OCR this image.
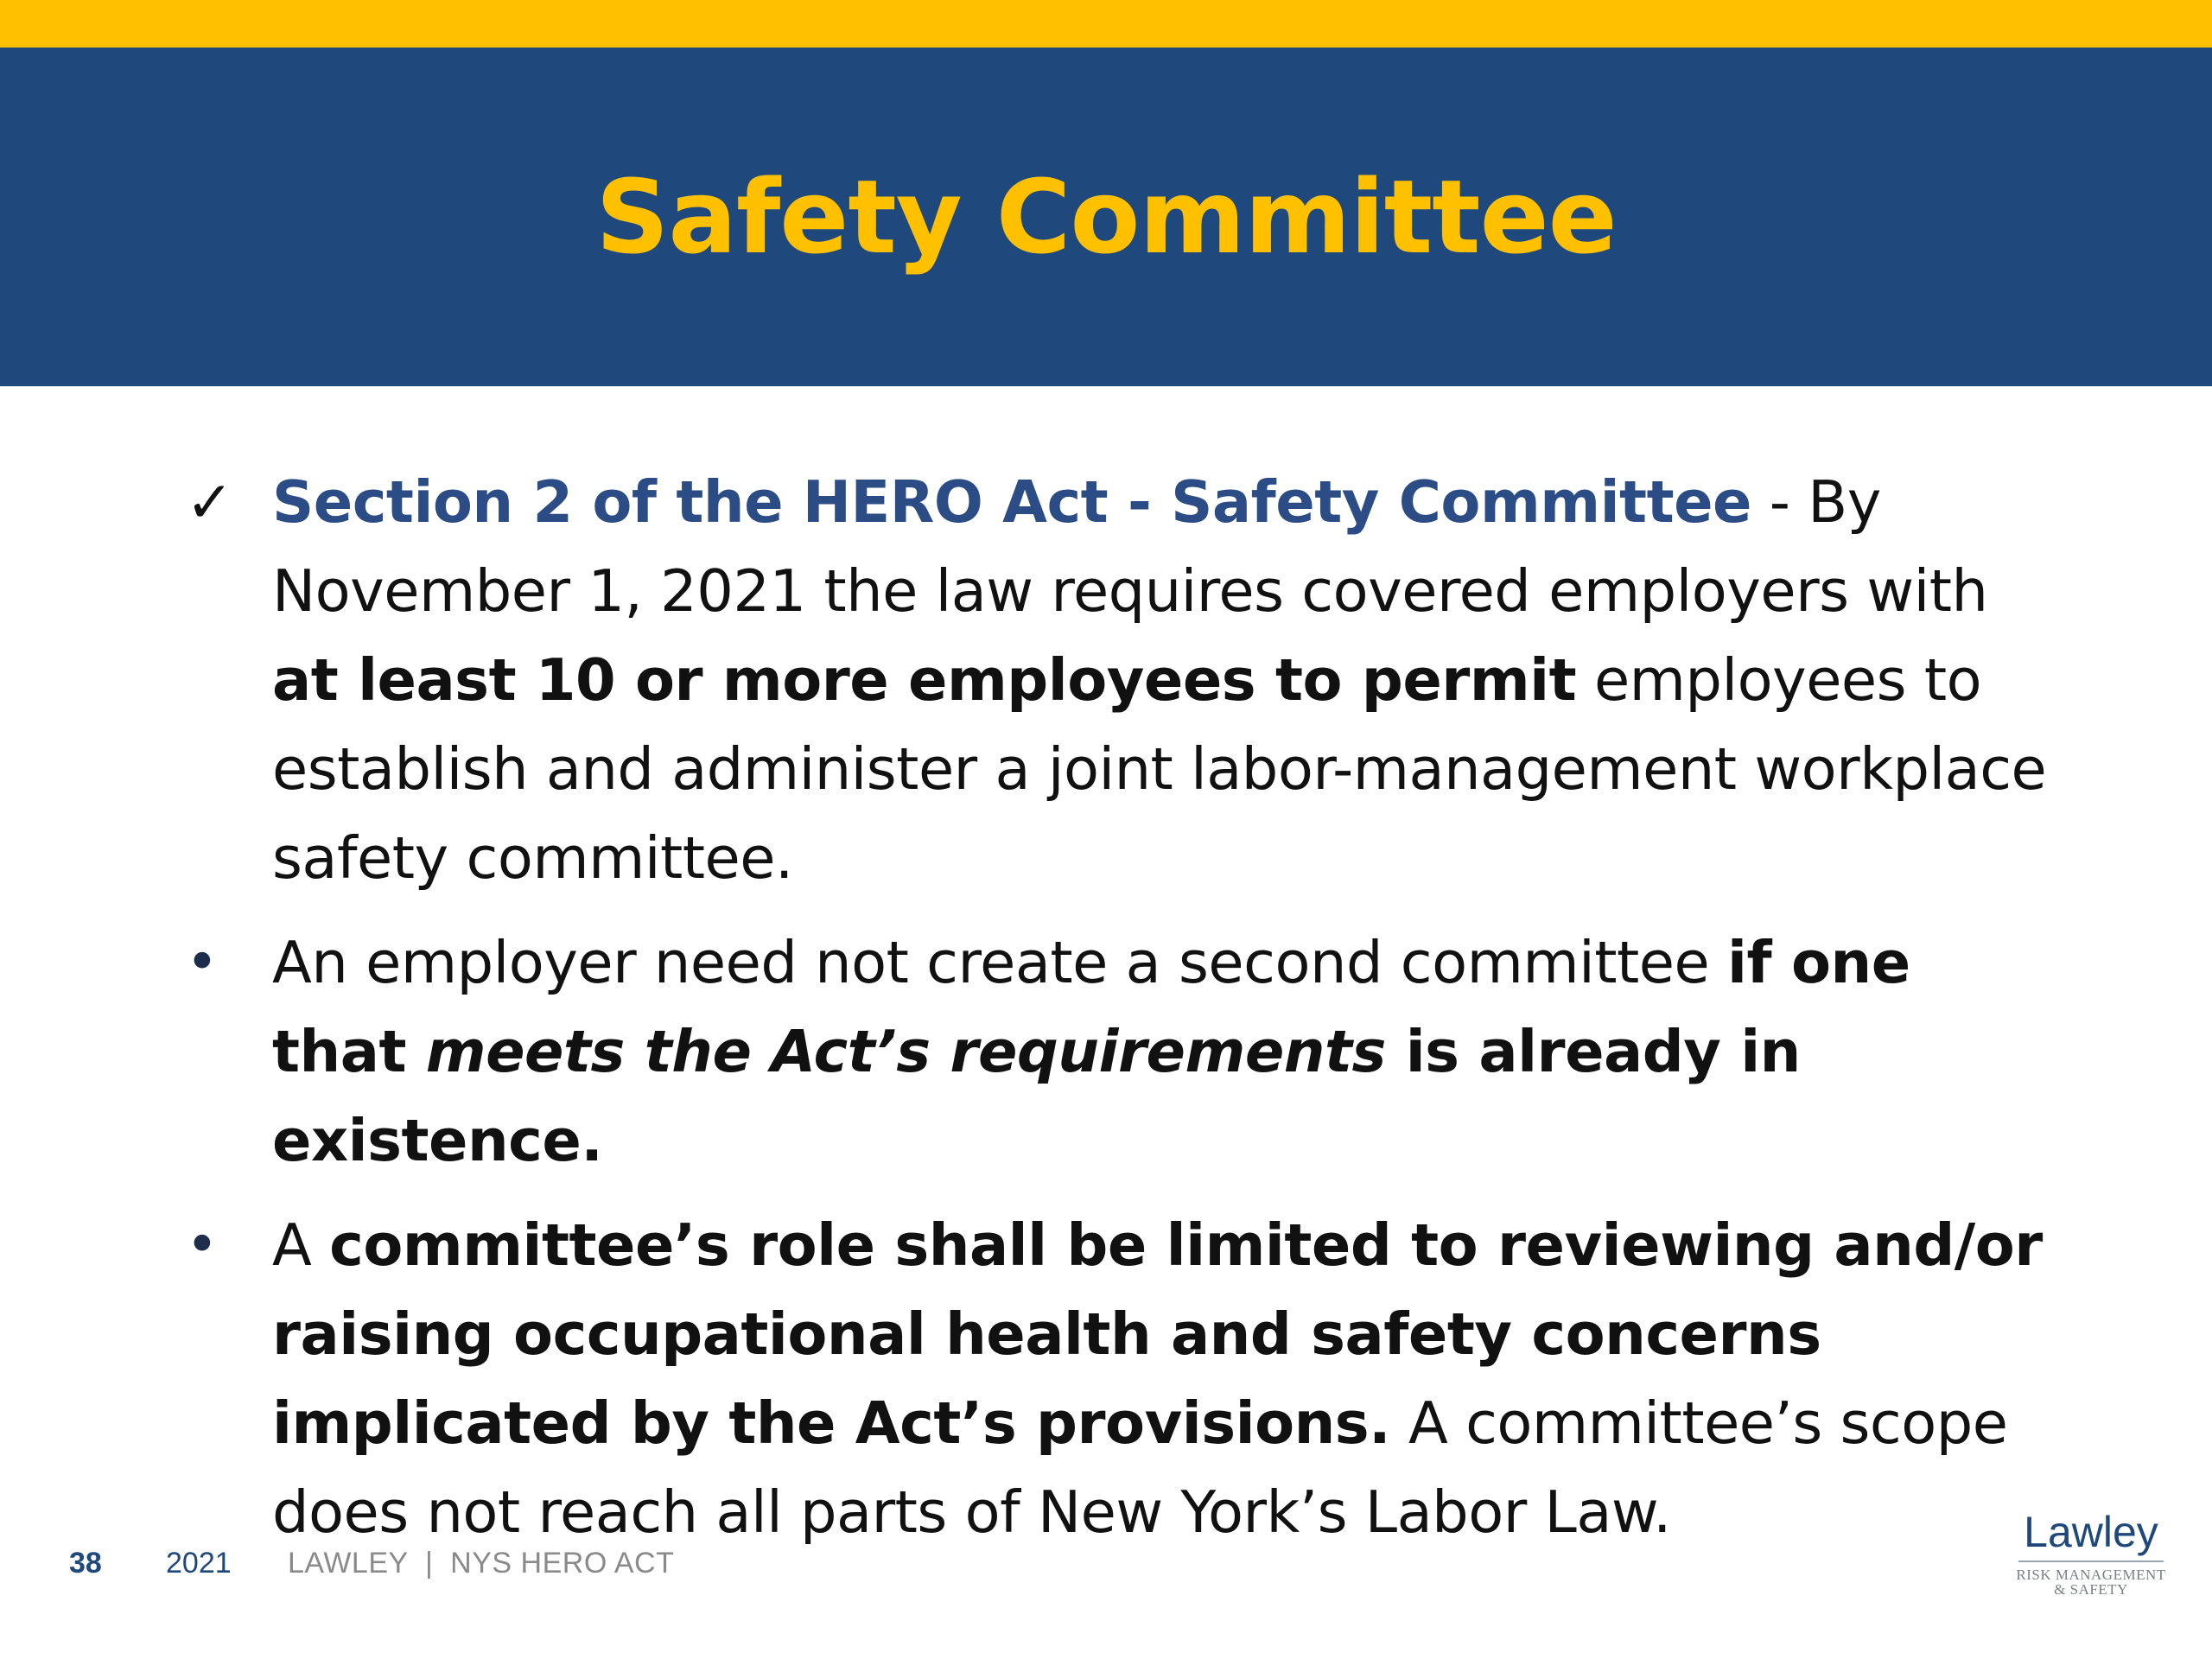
Safety Committee
✓ Section 2 of the HERO Act - Safety Committee - By November 1, 2021 the law requires covered employers with at least 10 or more employees to permit employees to establish and administer a joint labor-management workplace safety committee.
• An employer need not create a second committee if one that meets the Act’s requirements is already in existence.
• A committee’s role shall be limited to reviewing and/or raising occupational health and safety concerns implicated by the Act’s provisions. A committee’s scope does not reach all parts of New York’s Labor Law.
38 2021 LAWLEY  |  NYS HERO ACT
Lawley
RISK MANAGEMENT
& SAFETY
